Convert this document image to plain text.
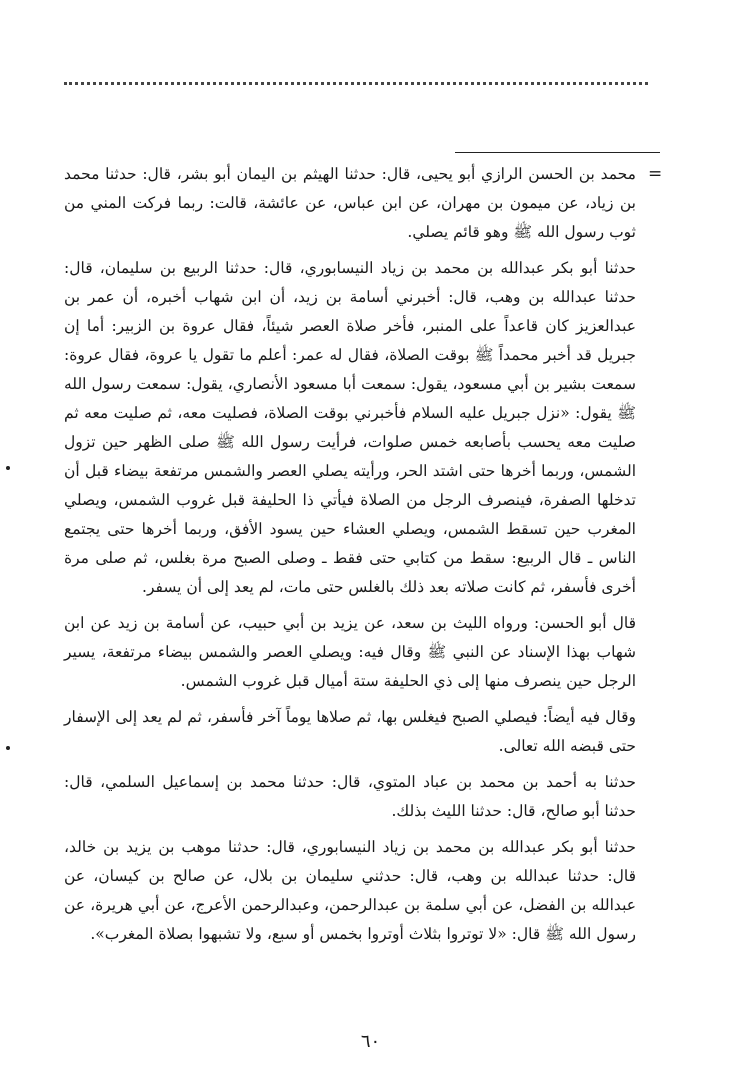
=

محمد بن الحسن الرازي أبو يحيى، قال: حدثنا الهيثم بن اليمان أبو بشر، قال: حدثنا محمد بن زياد، عن ميمون بن مهران، عن ابن عباس، عن عائشة، قالت: ربما فركت المني من ثوب رسول الله ﷺ وهو قائم يصلي.

حدثنا أبو بكر عبدالله بن محمد بن زياد النيسابوري، قال: حدثنا الربيع بن سليمان، قال: حدثنا عبدالله بن وهب، قال: أخبرني أسامة بن زيد، أن ابن شهاب أخبره، أن عمر بن عبدالعزيز كان قاعداً على المنبر، فأخر صلاة العصر شيئاً، فقال عروة بن الزبير: أما إن جبريل قد أخبر محمداً ﷺ بوقت الصلاة، فقال له عمر: أعلم ما تقول يا عروة، فقال عروة: سمعت بشير بن أبي مسعود، يقول: سمعت أبا مسعود الأنصاري، يقول: سمعت رسول الله ﷺ يقول: «نزل جبريل عليه السلام فأخبرني بوقت الصلاة، فصليت معه، ثم صليت معه ثم صليت معه يحسب بأصابعه خمس صلوات، فرأيت رسول الله ﷺ صلى الظهر حين تزول الشمس، وربما أخرها حتى اشتد الحر، ورأيته يصلي العصر والشمس مرتفعة بيضاء قبل أن تدخلها الصفرة، فينصرف الرجل من الصلاة فيأتي ذا الحليفة قبل غروب الشمس، ويصلي المغرب حين تسقط الشمس، ويصلي العشاء حين يسود الأفق، وربما أخرها حتى يجتمع الناس ـ قال الربيع: سقط من كتابي حتى فقط ـ وصلى الصبح مرة بغلس، ثم صلى مرة أخرى فأسفر، ثم كانت صلاته بعد ذلك بالغلس حتى مات، لم يعد إلى أن يسفر.

قال أبو الحسن: ورواه الليث بن سعد، عن يزيد بن أبي حبيب، عن أسامة بن زيد عن ابن شهاب بهذا الإسناد عن النبي ﷺ وقال فيه: ويصلي العصر والشمس بيضاء مرتفعة، يسير الرجل حين ينصرف منها إلى ذي الحليفة ستة أميال قبل غروب الشمس.

وقال فيه أيضاً: فيصلي الصبح فيغلس بها، ثم صلاها يوماً آخر فأسفر، ثم لم يعد إلى الإسفار حتى قبضه الله تعالى.

حدثنا به أحمد بن محمد بن عباد المتوي، قال: حدثنا محمد بن إسماعيل السلمي، قال: حدثنا أبو صالح، قال: حدثنا الليث بذلك.

حدثنا أبو بكر عبدالله بن محمد بن زياد النيسابوري، قال: حدثنا موهب بن يزيد بن خالد، قال: حدثنا عبدالله بن وهب، قال: حدثني سليمان بن بلال، عن صالح بن كيسان، عن عبدالله بن الفضل، عن أبي سلمة بن عبدالرحمن، وعبدالرحمن الأعرج، عن أبي هريرة، عن رسول الله ﷺ قال: «لا توتروا بثلاث أوتروا بخمس أو سبع، ولا تشبهوا بصلاة المغرب».

٦٠
